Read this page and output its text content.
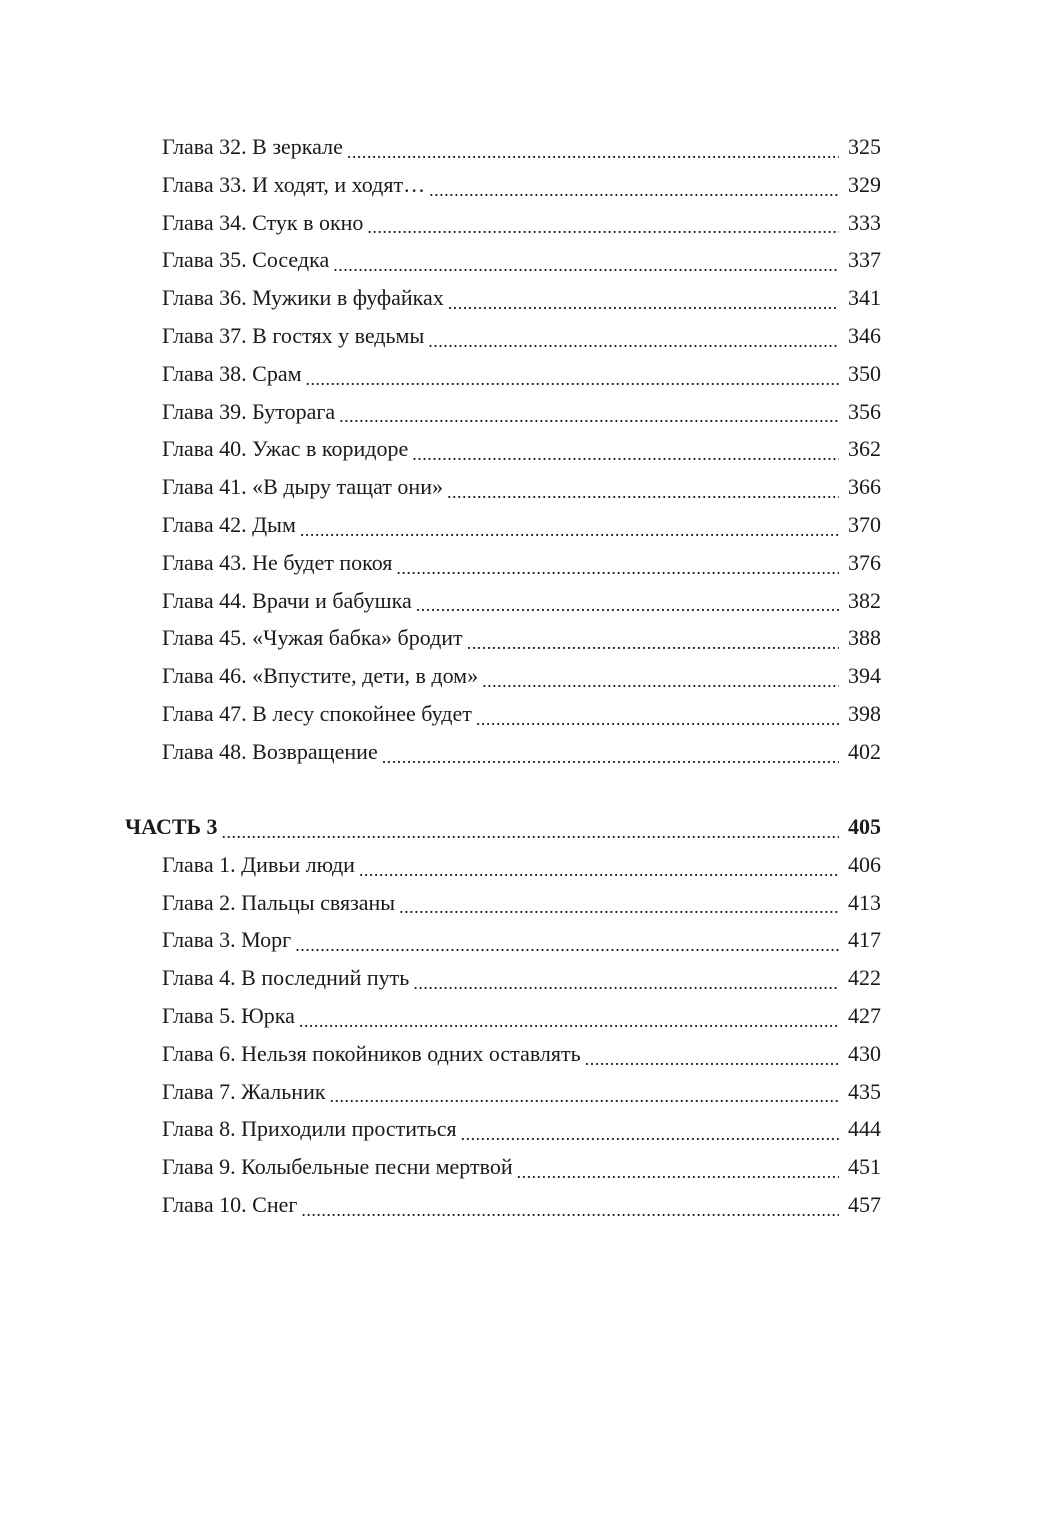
Глава 32. В зеркале .....	325
Глава 33. И ходят, и ходят… .....	329
Глава 34. Стук в окно .....	333
Глава 35. Соседка .....	337
Глава 36. Мужики в фуфайках .....	341
Глава 37. В гостях у ведьмы .....	346
Глава 38. Срам .....	350
Глава 39. Буторага .....	356
Глава 40. Ужас в коридоре .....	362
Глава 41. «В дыру тащат они» .....	366
Глава 42. Дым .....	370
Глава 43. Не будет покоя .....	376
Глава 44. Врачи и бабушка .....	382
Глава 45. «Чужая бабка» бродит .....	388
Глава 46. «Впустите, дети, в дом» .....	394
Глава 47. В лесу спокойнее будет .....	398
Глава 48. Возвращение .....	402
ЧАСТЬ 3 .....	405
Глава 1. Дивьи люди .....	406
Глава 2. Пальцы связаны .....	413
Глава 3. Морг .....	417
Глава 4. В последний путь .....	422
Глава 5. Юрка .....	427
Глава 6. Нельзя покойников одних оставлять .....	430
Глава 7. Жальник .....	435
Глава 8. Приходили проститься .....	444
Глава 9. Колыбельные песни мертвой .....	451
Глава 10. Снег .....	457
